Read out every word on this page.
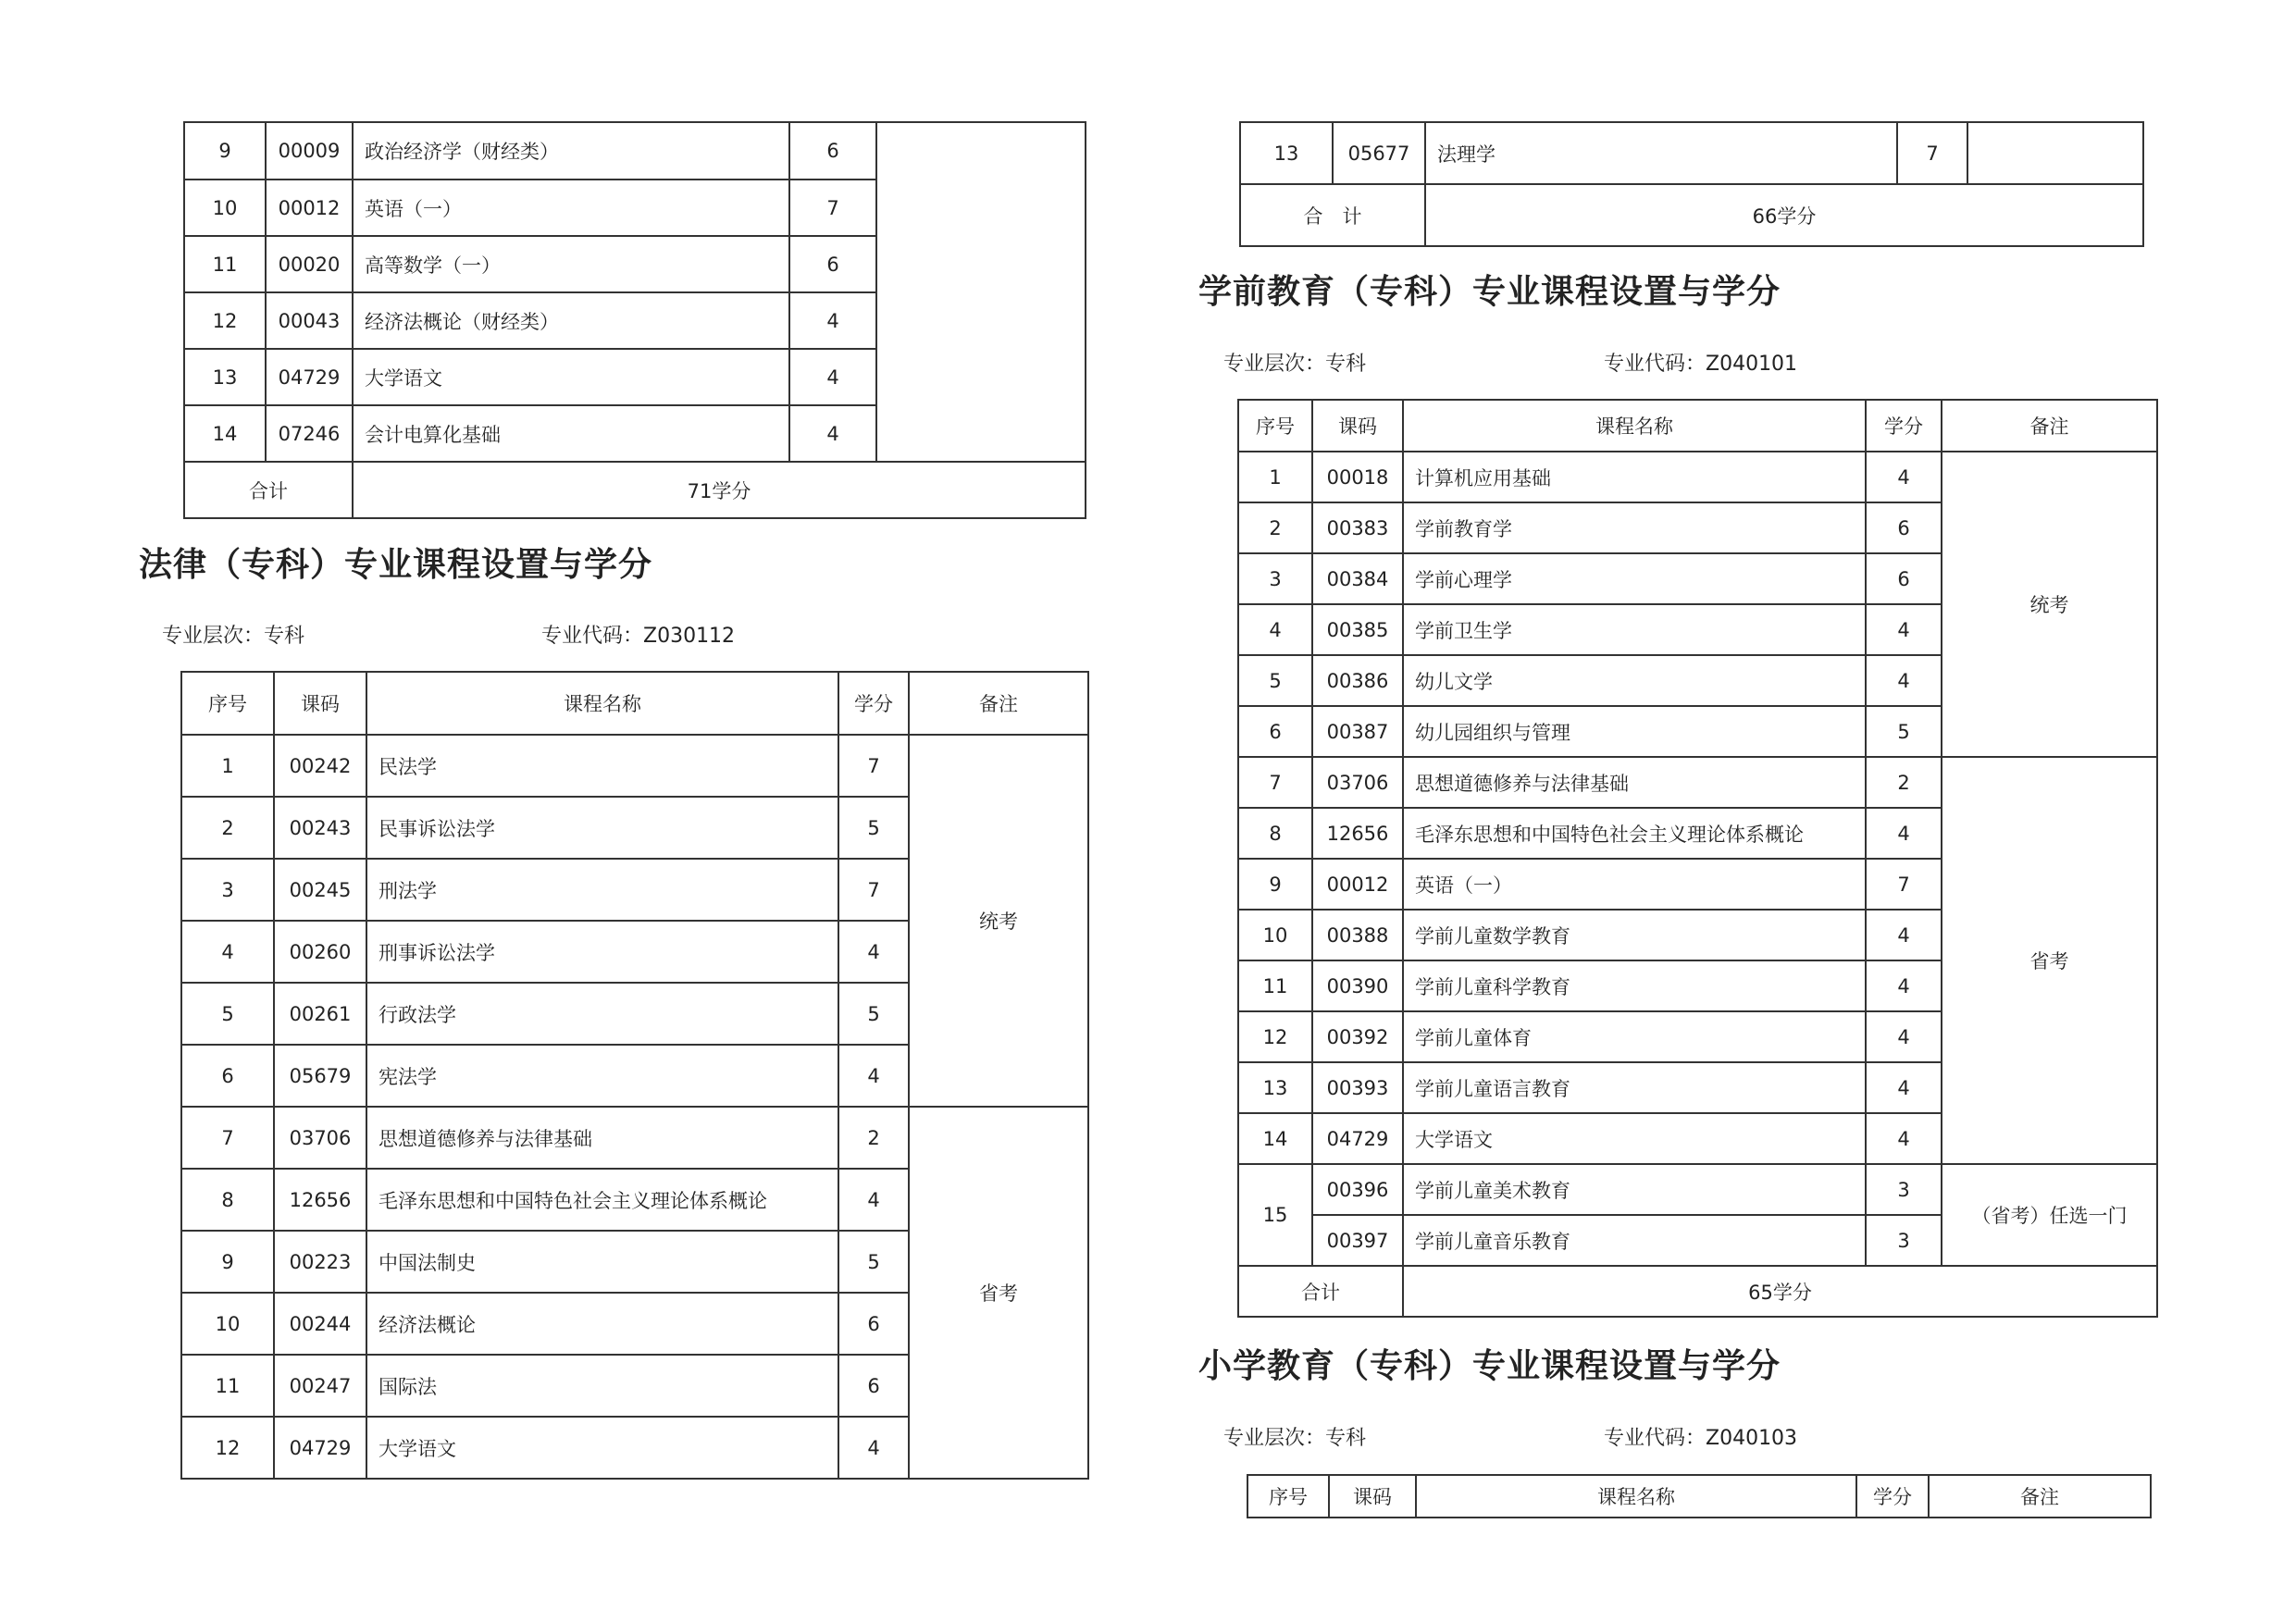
9	00009	政治经济学（财经类）	6	
10	00012	英语（一）	7	
11	00020	高等数学（一）	6	
12	00043	经济法概论（财经类）	4	
13	04729	大学语文	4	
14	07246	会计电算化基础	4	
合计		71学分		
法律（专科）专业课程设置与学分
专业层次：专科	专业代码：Z030112
序号	课码	课程名称	学分	备注
1	00242	民法学	7	统考
2	00243	民事诉讼法学	5	
3	00245	刑法学	7	
4	00260	刑事诉讼法学	4	
5	00261	行政法学	5	
6	05679	宪法学	4	
7	03706	思想道德修养与法律基础	2	省考
8	12656	毛泽东思想和中国特色社会主义理论体系概论	4	
9	00223	中国法制史	5	
10	00244	经济法概论	6	
11	00247	国际法	6	
12	04729	大学语文	4	
13	05677	法理学	7	
合　计		66学分		
学前教育（专科）专业课程设置与学分
专业层次：专科	专业代码：Z040101
序号	课码	课程名称	学分	备注
1	00018	计算机应用基础	4	统考
2	00383	学前教育学	6	
3	00384	学前心理学	6	
4	00385	学前卫生学	4	
5	00386	幼儿文学	4	
6	00387	幼儿园组织与管理	5	
7	03706	思想道德修养与法律基础	2	省考
8	12656	毛泽东思想和中国特色社会主义理论体系概论	4	
9	00012	英语（一）	7	
10	00388	学前儿童数学教育	4	
11	00390	学前儿童科学教育	4	
12	00392	学前儿童体育	4	
13	00393	学前儿童语言教育	4	
14	04729	大学语文	4	
15	00396	学前儿童美术教育	3	（省考）任选一门
	00397	学前儿童音乐教育	3	
合计		65学分		
小学教育（专科）专业课程设置与学分
专业层次：专科	专业代码：Z040103
序号	课码	课程名称	学分	备注
